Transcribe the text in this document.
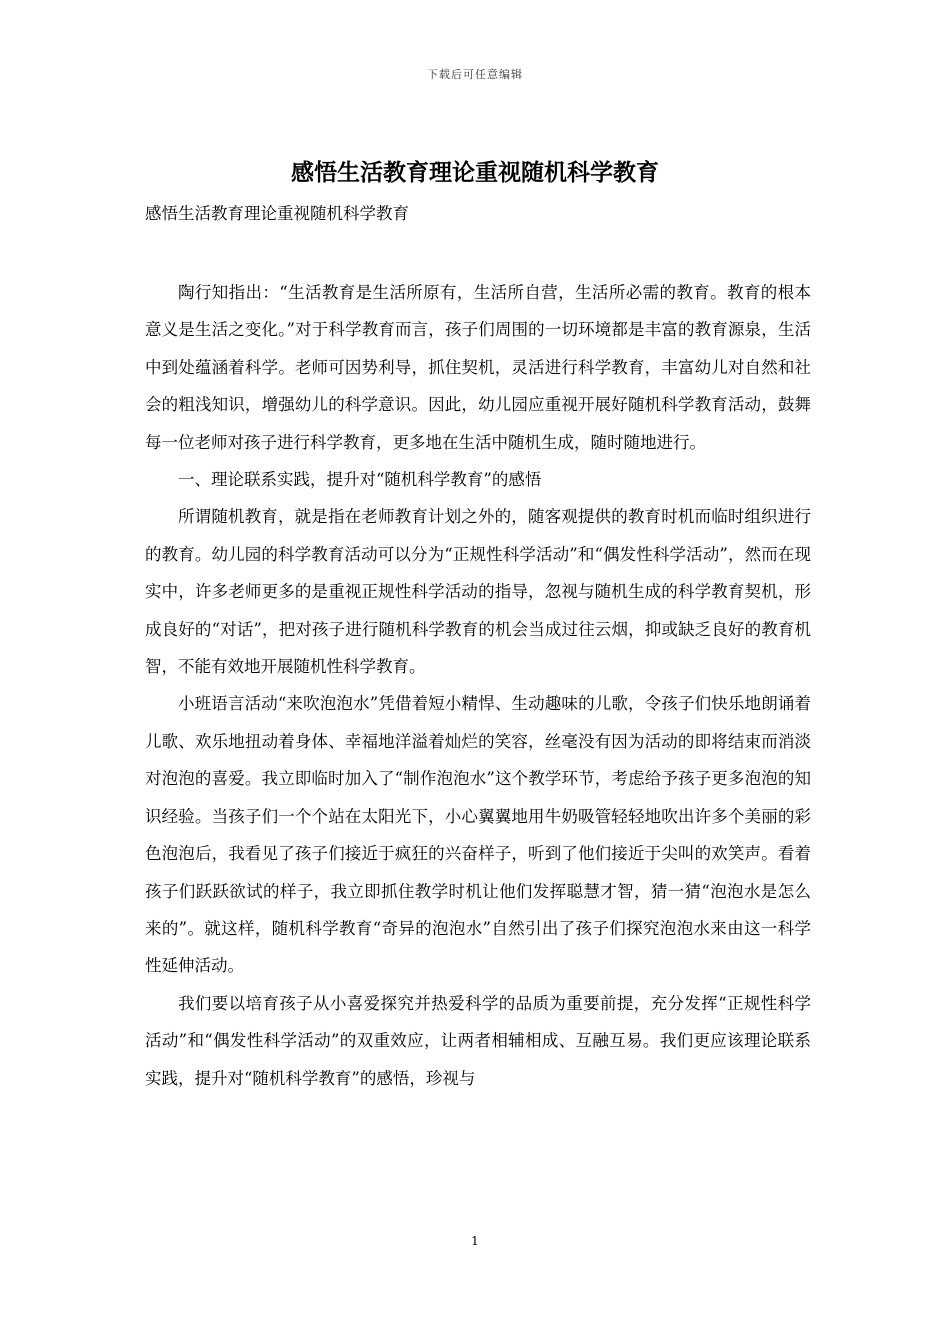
下载后可任意编辑
感悟生活教育理论重视随机科学教育
感悟生活教育理论重视随机科学教育

陶行知指出：“生活教育是生活所原有，生活所自营，生活所必需的教育。教育的根本意义是生活之变化。”对于科学教育而言，孩子们周围的一切环境都是丰富的教育源泉，生活中到处蕴涵着科学。老师可因势利导，抓住契机，灵活进行科学教育，丰富幼儿对自然和社会的粗浅知识，增强幼儿的科学意识。因此，幼儿园应重视开展好随机科学教育活动，鼓舞每一位老师对孩子进行科学教育，更多地在生活中随机生成，随时随地进行。

一、理论联系实践，提升对“随机科学教育”的感悟

所谓随机教育，就是指在老师教育计划之外的，随客观提供的教育时机而临时组织进行的教育。幼儿园的科学教育活动可以分为“正规性科学活动”和“偶发性科学活动”，然而在现实中，许多老师更多的是重视正规性科学活动的指导，忽视与随机生成的科学教育契机，形成良好的“对话”，把对孩子进行随机科学教育的机会当成过往云烟，抑或缺乏良好的教育机智，不能有效地开展随机性科学教育。

小班语言活动“来吹泡泡水”凭借着短小精悍、生动趣味的儿歌，令孩子们快乐地朗诵着儿歌、欢乐地扭动着身体、幸福地洋溢着灿烂的笑容，丝毫没有因为活动的即将结束而消淡对泡泡的喜爱。我立即临时加入了“制作泡泡水”这个教学环节，考虑给予孩子更多泡泡的知识经验。当孩子们一个个站在太阳光下，小心翼翼地用牛奶吸管轻轻地吹出许多个美丽的彩色泡泡后，我看见了孩子们接近于疯狂的兴奋样子，听到了他们接近于尖叫的欢笑声。看着孩子们跃跃欲试的样子，我立即抓住教学时机让他们发挥聪慧才智，猜一猜“泡泡水是怎么来的”。就这样，随机科学教育“奇异的泡泡水”自然引出了孩子们探究泡泡水来由这一科学性延伸活动。

我们要以培育孩子从小喜爱探究并热爱科学的品质为重要前提，充分发挥“正规性科学活动”和“偶发性科学活动”的双重效应，让两者相辅相成、互融互易。我们更应该理论联系实践，提升对“随机科学教育”的感悟，珍视与

1
